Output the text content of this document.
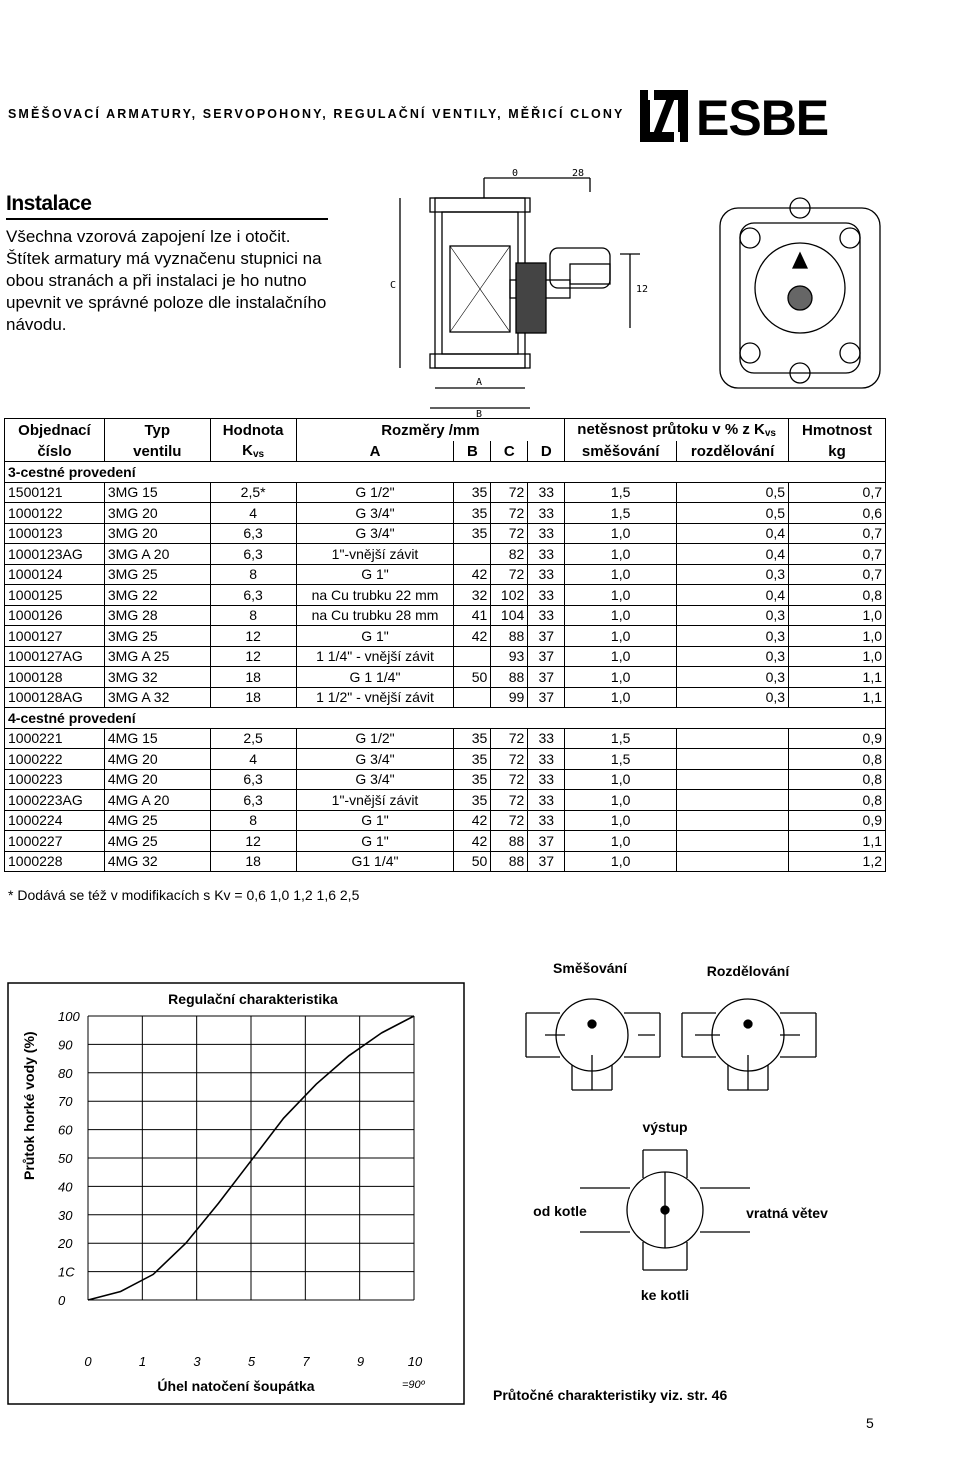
SMĚŠOVACÍ ARMATURY, SERVOPOHONY, REGULAČNÍ VENTILY, MĚŘICÍ CLONY ESBE
Instalace
Všechna vzorová zapojení lze i otočit. Štítek armatury má vyznačenu stupnici na obou stranách a při instalaci je ho nutno upevnit ve správné poloze dle instalačního návodu.
0	28
C	12
A
B
Objednací	Typ	Hodnota	Rozměry /mm				netěsnost průtoku v % z $K_{vs}$		Hmotnost
číslo	ventilu	$K_{vs}$	A	B	C	D	směšování	rozdělování	kg
3-cestné provedení									
1500121	3MG 15	2,5*	G 1/2"	35	72	33	1,5	0,5	0,7
1000122	3MG 20	4	G 3/4"	35	72	33	1,5	0,5	0,6
1000123	3MG 20	6,3	G 3/4"	35	72	33	1,0	0,4	0,7
1000123AG	3MG A 20	6,3	1"-vnější závit		82	33	1,0	0,4	0,7
1000124	3MG 25	8	G 1"	42	72	33	1,0	0,3	0,7
1000125	3MG 22	6,3	na Cu trubku 22 mm	32	102	33	1,0	0,4	0,8
1000126	3MG 28	8	na Cu trubku 28 mm	41	104	33	1,0	0,3	1,0
1000127	3MG 25	12	G 1"	42	88	37	1,0	0,3	1,0
1000127AG	3MG A 25	12	1 1/4" - vnější závit		93	37	1,0	0,3	1,0
1000128	3MG 32	18	G 1 1/4"	50	88	37	1,0	0,3	1,1
1000128AG	3MG A 32	18	1 1/2" - vnější závit		99	37	1,0	0,3	1,1
4-cestné provedení									
1000221	4MG 15	2,5	G 1/2"	35	72	33	1,5		0,9
1000222	4MG 20	4	G 3/4"	35	72	33	1,5		0,8
1000223	4MG 20	6,3	G 3/4"	35	72	33	1,0		0,8
1000223AG	4MG A 20	6,3	1"-vnější závit	35	72	33	1,0		0,8
1000224	4MG 25	8	G 1"	42	72	33	1,0		0,9
1000227	4MG 25	12	G 1"	42	88	37	1,0		1,1
1000228	4MG 32	18	G1 1/4"	50	88	37	1,0		1,2
* Dodává se též v modifikacích s Kv = 0,6 1,0 1,2 1,6 2,5
Regulační charakteristika
0
1C
20
30
40
50
60
70
80
90
100
0	1	3	5	7	9	10
Úhel natočení šoupátka	=90º
Průtok horké vody (%)
Směšování	Rozdělování
výstup
od kotle	vratná větev
ke kotli
Průtočné charakteristiky viz. str. 46
5
